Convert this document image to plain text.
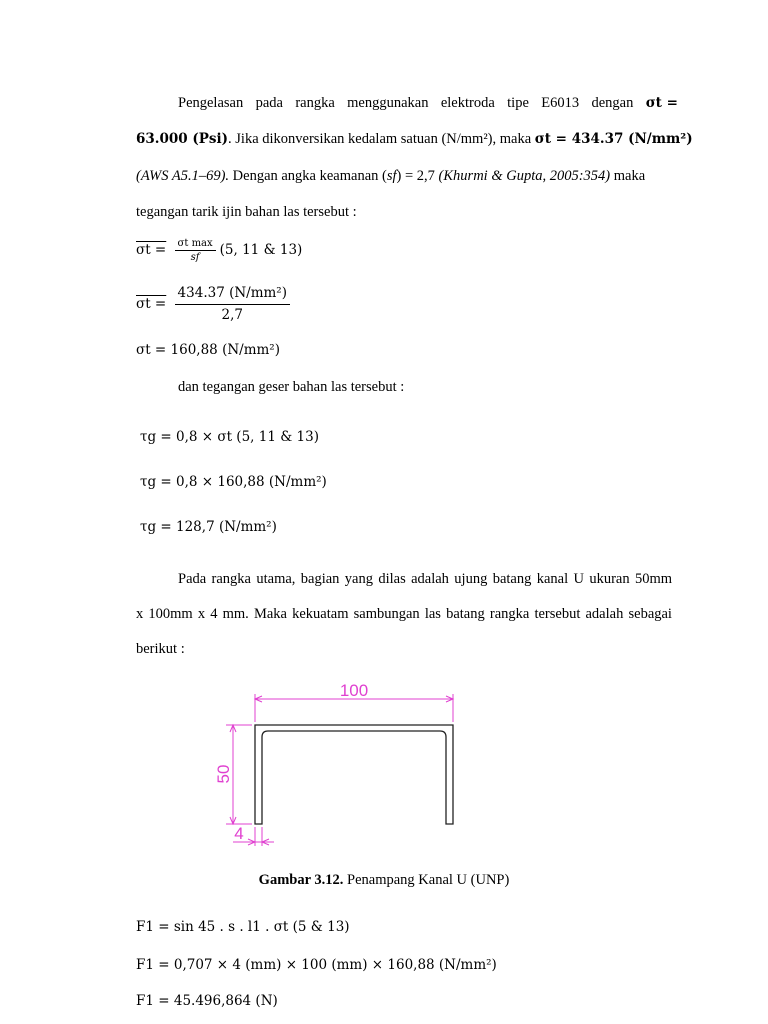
Pengelasan pada rangka menggunakan elektroda tipe E6013 dengan σt =
63.000 (Psi). Jika dikonversikan kedalam satuan (N/mm²), maka σt = 434.37 (N/mm²)
(AWS A5.1–69). Dengan angka keamanan (sf) = 2,7 (Khurmi & Gupta, 2005:354) maka
tegangan tarik ijin bahan las tersebut :
$\sigma t = \frac{\text{σt max}}{sf} (5$, 11 & 13)
$\sigma t = \frac{\text{434.37 (N/mm²)}}{2,7}$
σt = 160,88 (N/mm²)
dan tegangan geser bahan las tersebut :
τg = 0,8 × σt (5, 11 & 13)
τg = 0,8 × 160,88 (N/mm²)
τg = 128,7 (N/mm²)
Pada rangka utama, bagian yang dilas adalah ujung batang kanal U ukuran 50mm
x 100mm x 4 mm. Maka kekuatam sambungan las batang rangka tersebut adalah sebagai
berikut :
100
50
4
Gambar 3.12. Penampang Kanal U (UNP)
F1 = sin 45 . s . l1 . σt (5 & 13)
F1 = 0,707 × 4 (mm) × 100 (mm) × 160,88 (N/mm²)
F1 = 45.496,864 (N)
